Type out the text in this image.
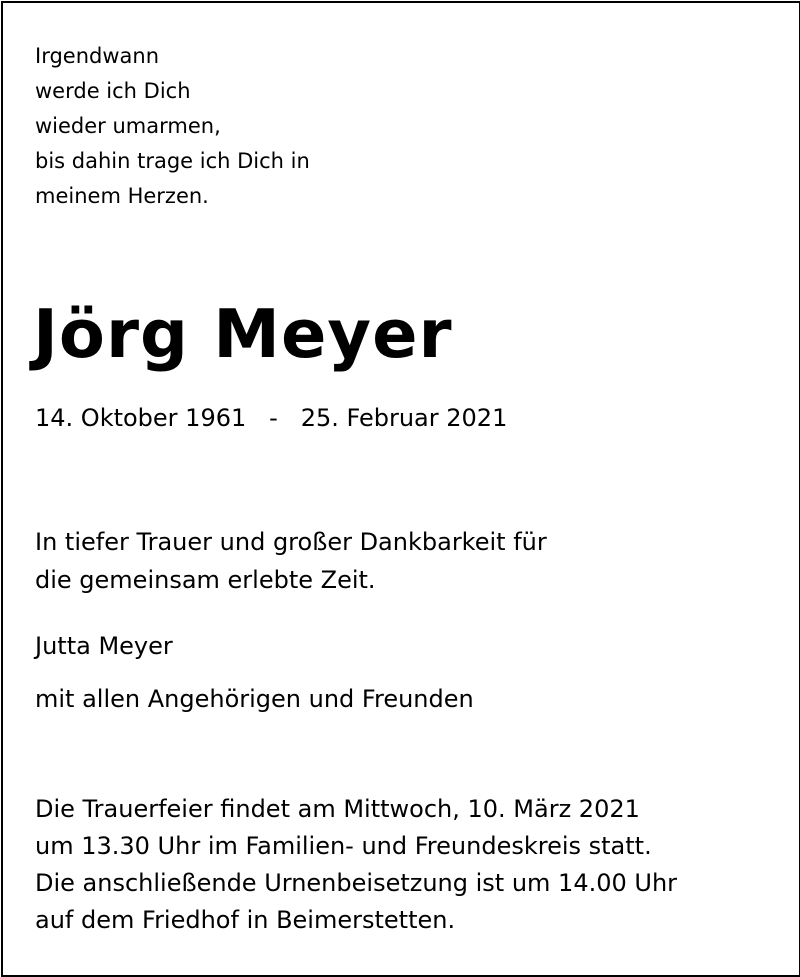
Irgendwann
werde ich Dich
wieder umarmen,
bis dahin trage ich Dich in
meinem Herzen.
Jörg Meyer
14. Oktober 1961   -   25. Februar 2021
In tiefer Trauer und großer Dankbarkeit für
die gemeinsam erlebte Zeit.
Jutta Meyer
mit allen Angehörigen und Freunden
Die Trauerfeier findet am Mittwoch, 10. März 2021
um 13.30 Uhr im Familien- und Freundeskreis statt.
Die anschließende Urnenbeisetzung ist um 14.00 Uhr
auf dem Friedhof in Beimerstetten.
